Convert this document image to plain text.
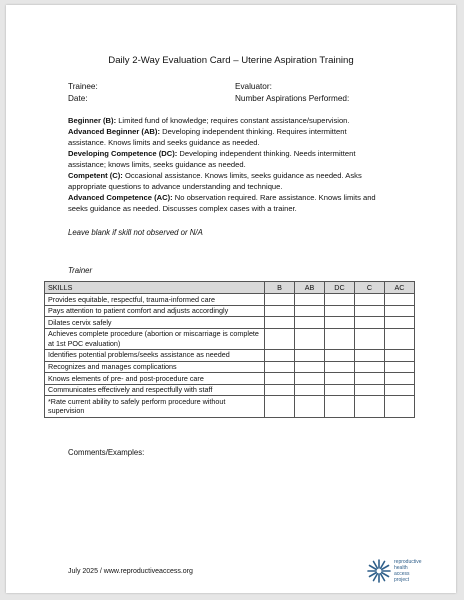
Daily 2-Way Evaluation Card – Uterine Aspiration Training
Trainee:	Evaluator:
Date:	Number Aspirations Performed:

Beginner (B): Limited fund of knowledge; requires constant assistance/supervision.

Advanced Beginner (AB): Developing independent thinking. Requires intermittent assistance. Knows limits and seeks guidance as needed.

Developing Competence (DC): Developing independent thinking. Needs intermittent assistance; knows limits, seeks guidance as needed.

Competent (C): Occasional assistance. Knows limits, seeks guidance as needed. Asks appropriate questions to advance understanding and technique.

Advanced Competence (AC): No observation required. Rare assistance. Knows limits and seeks guidance as needed. Discusses complex cases with a trainer.

Leave blank if skill not observed or N/A
Trainer
SKILLS	B	AB	DC	C	AC
Provides equitable, respectful, trauma-informed care					
Pays attention to patient comfort and adjusts accordingly					
Dilates cervix safely					
Achieves complete procedure (abortion or miscarriage is complete at 1st POC evaluation)					
Identifies potential problems/seeks assistance as needed					
Recognizes and manages complications					
Knows elements of pre- and post-procedure care					
Communicates effectively and respectfully with staff					
*Rate current ability to safely perform procedure without supervision					
Comments/Examples:
July 2025 / www.reproductiveaccess.org
reproductive
health
access
project
